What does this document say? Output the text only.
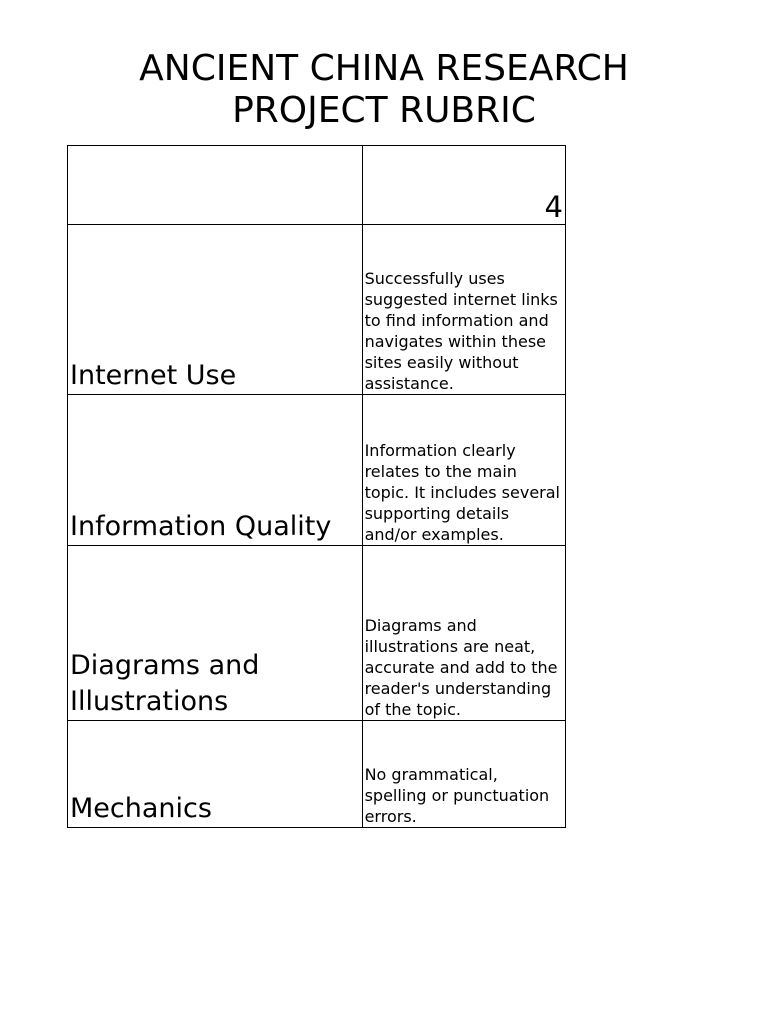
ANCIENT CHINA RESEARCH
PROJECT RUBRIC
	4
Internet Use	Successfully uses suggested internet links to find information and navigates within these sites easily without assistance.
Information Quality	Information clearly relates to the main topic. It includes several supporting details and/or examples.
Diagrams and Illustrations	Diagrams and illustrations are neat, accurate and add to the reader's understanding of the topic.
Mechanics	No grammatical, spelling or punctuation errors.
